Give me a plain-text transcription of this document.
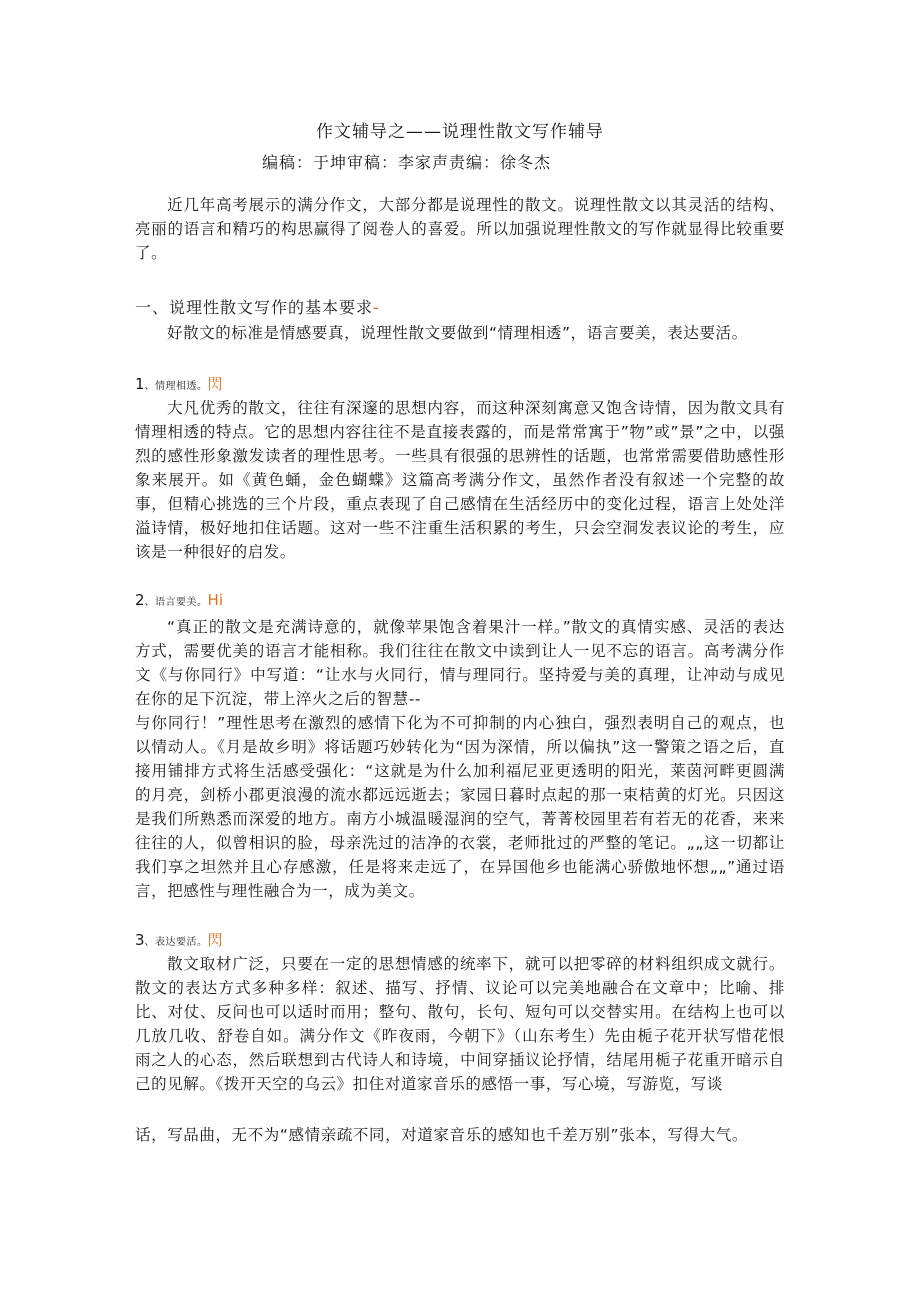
作文辅导之——说理性散文写作辅导
编稿：于坤审稿：李家声责编：徐冬杰

近几年高考展示的满分作文，大部分都是说理性的散文。说理性散文以其灵活的结构、亮丽的语言和精巧的构思赢得了阅卷人的喜爱。所以加强说理性散文的写作就显得比较重要了。

一、说理性散文写作的基本要求-

好散文的标准是情感要真，说理性散文要做到“情理相透”，语言要美，表达要活。

1、情理相透。閃

大凡优秀的散文，往往有深邃的思想内容，而这种深刻寓意又饱含诗情，因为散文具有情理相透的特点。它的思想内容往往不是直接表露的，而是常常寓于”物”或”景”之中，以强烈的感性形象激发读者的理性思考。一些具有很强的思辨性的话题，也常常需要借助感性形象来展开。如《黄色蛹，金色蝴蝶》这篇高考满分作文，虽然作者没有叙述一个完整的故事，但精心挑选的三个片段，重点表现了自己感情在生活经历中的变化过程，语言上处处洋溢诗情，极好地扣住话题。这对一些不注重生活积累的考生，只会空洞发表议论的考生，应该是一种很好的启发。

2、语言要美。Hi

“真正的散文是充满诗意的，就像苹果饱含着果汁一样。”散文的真情实感、灵活的表达方式，需要优美的语言才能相称。我们往往在散文中读到让人一见不忘的语言。高考满分作文《与你同行》中写道：“让水与火同行，情与理同行。坚持爱与美的真理，让冲动与成见在你的足下沉淀，带上淬火之后的智慧--

与你同行！”理性思考在激烈的感情下化为不可抑制的内心独白，强烈表明自己的观点，也以情动人。《月是故乡明》将话题巧妙转化为“因为深情，所以偏执”这一警策之语之后，直接用铺排方式将生活感受强化：“这就是为什么加利福尼亚更透明的阳光，莱茵河畔更圆满的月亮，剑桥小郡更浪漫的流水都远远逝去；家园日暮时点起的那一束桔黄的灯光。只因这是我们所熟悉而深爱的地方。南方小城温暖湿润的空气，菁菁校园里若有若无的花香，来来往往的人，似曾相识的脸，母亲洗过的洁净的衣裳，老师批过的严整的笔记。„„这一切都让我们享之坦然并且心存感激，任是将来走远了，在异国他乡也能满心骄傲地怀想„„”通过语言，把感性与理性融合为一，成为美文。

3、表达要活。閃

散文取材广泛，只要在一定的思想情感的统率下，就可以把零碎的材料组织成文就行。散文的表达方式多种多样：叙述、描写、抒情、议论可以完美地融合在文章中；比喻、排比、对仗、反问也可以适时而用；整句、散句，长句、短句可以交替实用。在结构上也可以几放几收、舒卷自如。满分作文《昨夜雨，今朝下》（山东考生）先由栀子花开状写惜花恨雨之人的心态，然后联想到古代诗人和诗境，中间穿插议论抒情，结尾用栀子花重开暗示自己的见解。《拨开天空的乌云》扣住对道家音乐的感悟一事，写心境，写游览，写谈

话，写品曲，无不为“感情亲疏不同，对道家音乐的感知也千差万别”张本，写得大气。
